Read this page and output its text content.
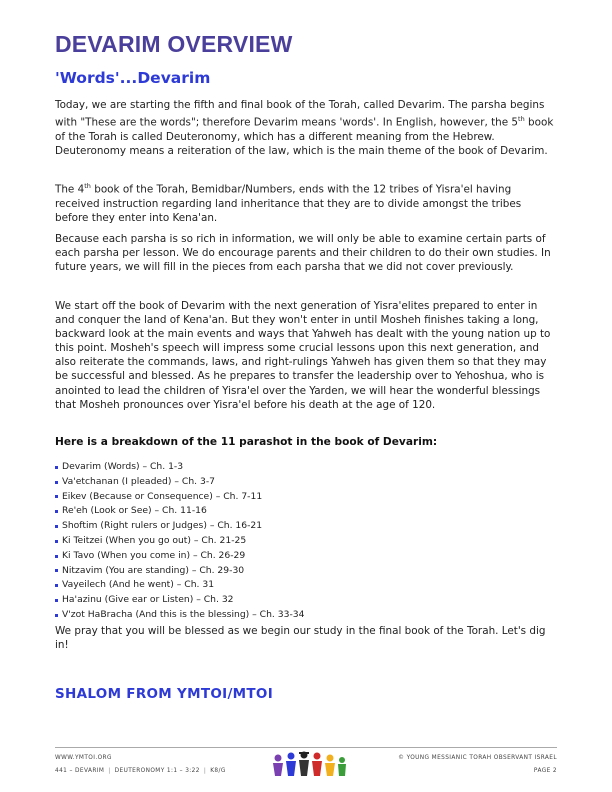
DEVARIM OVERVIEW
'Words'...Devarim

Today, we are starting the fifth and final book of the Torah, called Devarim. The parsha begins with "These are the words"; therefore Devarim means 'words'. In English, however, the 5th book of the Torah is called Deuteronomy, which has a different meaning from the Hebrew. Deuteronomy means a reiteration of the law, which is the main theme of the book of Devarim.

The 4th book of the Torah, Bemidbar/Numbers, ends with the 12 tribes of Yisra'el having received instruction regarding land inheritance that they are to divide amongst the tribes before they enter into Kena'an.

Because each parsha is so rich in information, we will only be able to examine certain parts of each parsha per lesson. We do encourage parents and their children to do their own studies. In future years, we will fill in the pieces from each parsha that we did not cover previously.

We start off the book of Devarim with the next generation of Yisra'elites prepared to enter in and conquer the land of Kena'an. But they won't enter in until Mosheh finishes taking a long, backward look at the main events and ways that Yahweh has dealt with the young nation up to this point. Mosheh's speech will impress some crucial lessons upon this next generation, and also reiterate the commands, laws, and right-rulings Yahweh has given them so that they may be successful and blessed. As he prepares to transfer the leadership over to Yehoshua, who is anointed to lead the children of Yisra'el over the Yarden, we will hear the wonderful blessings that Mosheh pronounces over Yisra'el before his death at the age of 120.

Here is a breakdown of the 11 parashot in the book of Devarim:

Devarim (Words) – Ch. 1-3
Va'etchanan (I pleaded) – Ch. 3-7
Eikev (Because or Consequence) – Ch. 7-11
Re'eh (Look or See) – Ch. 11-16
Shoftim (Right rulers or Judges) – Ch. 16-21
Ki Teitzei (When you go out) – Ch. 21-25
Ki Tavo (When you come in) – Ch. 26-29
Nitzavim (You are standing) – Ch. 29-30
Vayeilech (And he went) – Ch. 31
Ha'azinu (Give ear or Listen) – Ch. 32
V'zot HaBracha (And this is the blessing) – Ch. 33-34

We pray that you will be blessed as we begin our study in the final book of the Torah. Let's dig in!

SHALOM FROM YMTOI/MTOI

WWW.YMTOI.ORG	© YOUNG MESSIANIC TORAH OBSERVANT ISRAEL
441 – DEVARIM | DEUTERONOMY 1:1 – 3:22 | K8/G	PAGE 2
